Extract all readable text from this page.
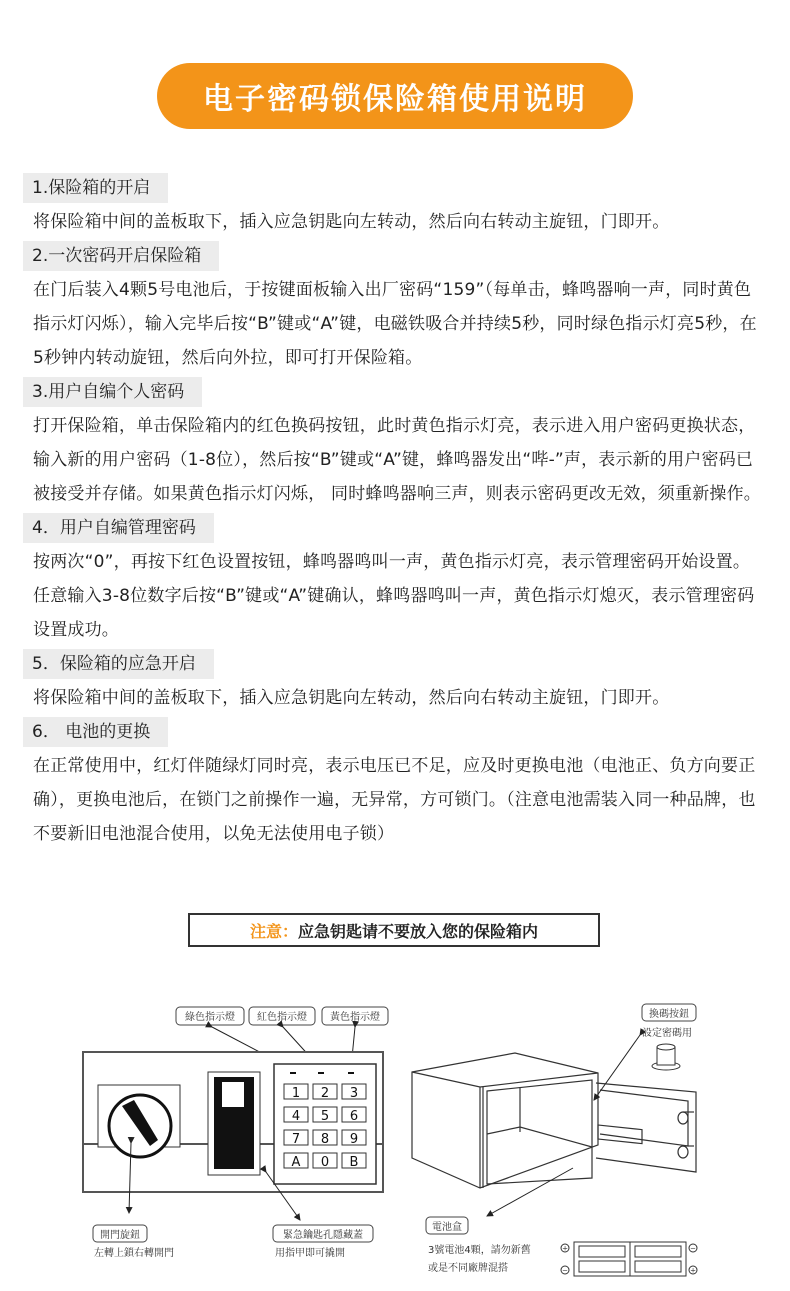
电子密码锁保险箱使用说明
1.保险箱的开启
将保险箱中间的盖板取下，插入应急钥匙向左转动，然后向右转动主旋钮，门即开。
2.一次密码开启保险箱
在门后装入4颗5号电池后，于按键面板输入出厂密码“159”（每单击，蜂鸣器响一声，同时黄色指示灯闪烁），输入完毕后按“B”键或“A”键，电磁铁吸合并持续5秒，同时绿色指示灯亮5秒，在5秒钟内转动旋钮，然后向外拉，即可打开保险箱。
3.用户自编个人密码
打开保险箱，单击保险箱内的红色换码按钮，此时黄色指示灯亮，表示进入用户密码更换状态，输入新的用户密码（1-8位），然后按“B”键或“A”键，蜂鸣器发出“哔-”声，表示新的用户密码已被接受并存储。如果黄色指示灯闪烁， 同时蜂鸣器响三声，则表示密码更改无效，须重新操作。
4．用户自编管理密码
按两次“0”，再按下红色设置按钮，蜂鸣器鸣叫一声，黄色指示灯亮，表示管理密码开始设置。任意输入3-8位数字后按“B”键或“A”键确认，蜂鸣器鸣叫一声，黄色指示灯熄灭，表示管理密码设置成功。
5．保险箱的应急开启
将保险箱中间的盖板取下，插入应急钥匙向左转动，然后向右转动主旋钮，门即开。
6． 电池的更换
在正常使用中，红灯伴随绿灯同时亮，表示电压已不足，应及时更换电池（电池正、负方向要正确），更换电池后，在锁门之前操作一遍，无异常，方可锁门。（注意电池需装入同一种品牌，也不要新旧电池混合使用，以免无法使用电子锁）
注意： 应急钥匙请不要放入您的保险箱内
綠色指示燈 紅色指示燈 黃色指示燈
1 2 3
4 5 6
7 8 9
A 0 B
開門旋鈕
左轉上鎖右轉開門
緊急鑰匙孔隱藏蓋
用指甲即可撬開
換碼按鈕
設定密碼用
電池盒
3號電池4顆，請勿新舊
或是不同廠牌混搭
+
−
−
+
